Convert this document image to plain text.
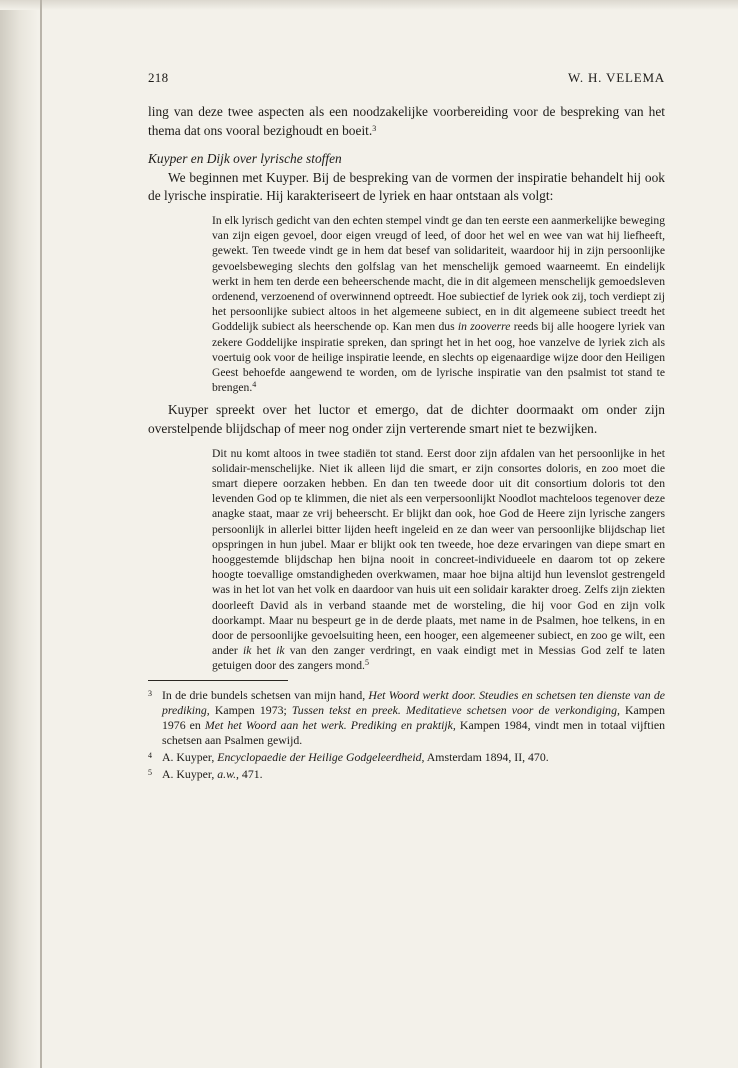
218	W. H. VELEMA

ling van deze twee aspecten als een noodzakelijke voorbereiding voor de bespreking van het thema dat ons vooral bezighoudt en boeit.$^3$

Kuyper en Dijk over lyrische stoffen

We beginnen met Kuyper. Bij de bespreking van de vormen der inspiratie behandelt hij ook de lyrische inspiratie. Hij karakteriseert de lyriek en haar ontstaan als volgt:

In elk lyrisch gedicht van den echten stempel vindt ge dan ten eerste een aanmerkelijke beweging van zijn eigen gevoel, door eigen vreugd of leed, of door het wel en wee van wat hij liefheeft, gewekt. Ten tweede vindt ge in hem dat besef van solidariteit, waardoor hij in zijn persoonlijke gevoelsbeweging slechts den golfslag van het menschelijk gemoed waarneemt. En eindelijk werkt in hem ten derde een beheerschende macht, die in dit algemeen menschelijk gemoedsleven ordenend, verzoenend of overwinnend optreedt. Hoe subiectief de lyriek ook zij, toch verdiept zij het persoonlijke subiect altoos in het algemeene subiect, en in dit algemeene subiect treedt het Goddelijk subiect als heerschende op. Kan men dus in zooverre reeds bij alle hoogere lyriek van zekere Goddelijke inspiratie spreken, dan springt het in het oog, hoe vanzelve de lyriek zich als voertuig ook voor de heilige inspiratie leende, en slechts op eigenaardige wijze door den Heiligen Geest behoefde aangewend te worden, om de lyrische inspiratie van den psalmist tot stand te brengen.$^4$

Kuyper spreekt over het luctor et emergo, dat de dichter doormaakt om onder zijn overstelpende blijdschap of meer nog onder zijn verterende smart niet te bezwijken.

Dit nu komt altoos in twee stadiën tot stand. Eerst door zijn afdalen van het persoonlijke in het solidair-menschelijke. Niet ik alleen lijd die smart, er zijn consortes doloris, en zoo moet die smart diepere oorzaken hebben. En dan ten tweede door uit dit consortium doloris tot den levenden God op te klimmen, die niet als een verpersoonlijkt Noodlot machteloos tegenover deze anagke staat, maar ze vrij beheerscht. Er blijkt dan ook, hoe God de Heere zijn lyrische zangers persoonlijk in allerlei bitter lijden heeft ingeleid en ze dan weer van persoonlijke blijdschap liet opspringen in hun jubel. Maar er blijkt ook ten tweede, hoe deze ervaringen van diepe smart en hooggestemde blijdschap hen bijna nooit in concreet-individueele en daarom tot op zekere hoogte toevallige omstandigheden overkwamen, maar hoe bijna altijd hun levenslot gestrengeld was in het lot van het volk en daardoor van huis uit een solidair karakter droeg. Zelfs zijn ziekten doorleeft David als in verband staande met de worsteling, die hij voor God en zijn volk doorkampt. Maar nu bespeurt ge in de derde plaats, met name in de Psalmen, hoe telkens, in en door de persoonlijke gevoelsuiting heen, een hooger, een algemeener subiect, en zoo ge wilt, een ander ik het ik van den zanger verdringt, en vaak eindigt met in Messias God zelf te laten getuigen door des zangers mond.$^5$

3 In de drie bundels schetsen van mijn hand, Het Woord werkt door. Steudies en schetsen ten dienste van de prediking, Kampen 1973; Tussen tekst en preek. Meditatieve schetsen voor de verkondiging, Kampen 1976 en Met het Woord aan het werk. Prediking en praktijk, Kampen 1984, vindt men in totaal vijftien schetsen aan Psalmen gewijd.

4 A. Kuyper, Encyclopaedie der Heilige Godgeleerdheid, Amsterdam 1894, II, 470.

5 A. Kuyper, a.w., 471.
